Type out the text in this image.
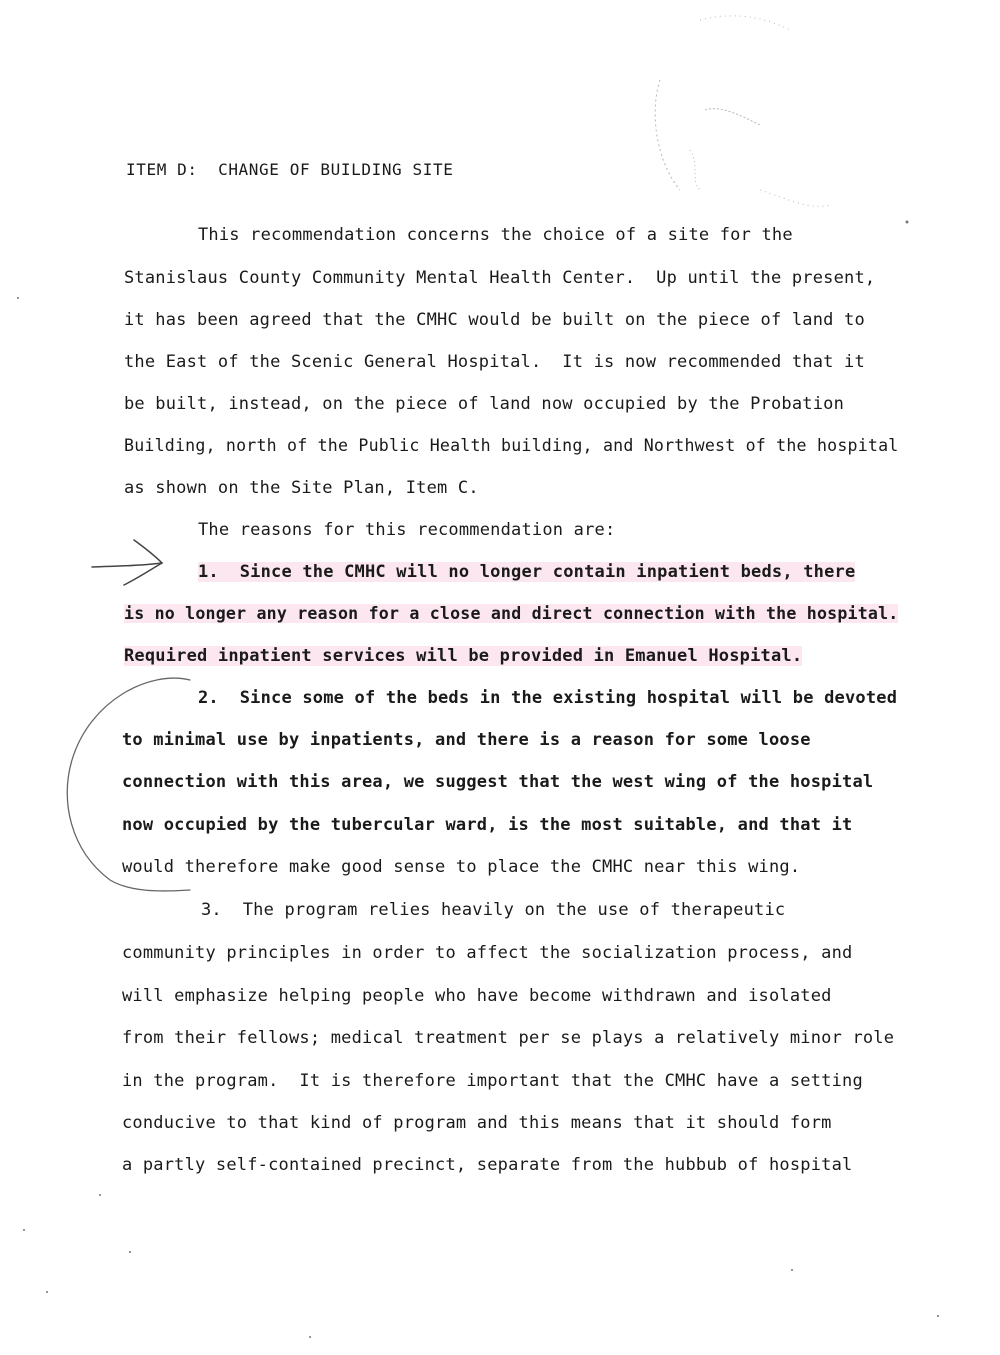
ITEM D:  CHANGE OF BUILDING SITE
This recommendation concerns the choice of a site for the
Stanislaus County Community Mental Health Center.  Up until the present,
it has been agreed that the CMHC would be built on the piece of land to
the East of the Scenic General Hospital.  It is now recommended that it
be built, instead, on the piece of land now occupied by the Probation
Building, north of the Public Health building, and Northwest of the hospital
as shown on the Site Plan, Item C.
The reasons for this recommendation are:
1.  Since the CMHC will no longer contain inpatient beds, there
is no longer any reason for a close and direct connection with the hospital.
Required inpatient services will be provided in Emanuel Hospital.
2.  Since some of the beds in the existing hospital will be devoted
to minimal use by inpatients, and there is a reason for some loose
connection with this area, we suggest that the west wing of the hospital
now occupied by the tubercular ward, is the most suitable, and that it
would therefore make good sense to place the CMHC near this wing.
3.  The program relies heavily on the use of therapeutic
community principles in order to affect the socialization process, and
will emphasize helping people who have become withdrawn and isolated
from their fellows; medical treatment per se plays a relatively minor role
in the program.  It is therefore important that the CMHC have a setting
conducive to that kind of program and this means that it should form
a partly self-contained precinct, separate from the hubbub of hospital
